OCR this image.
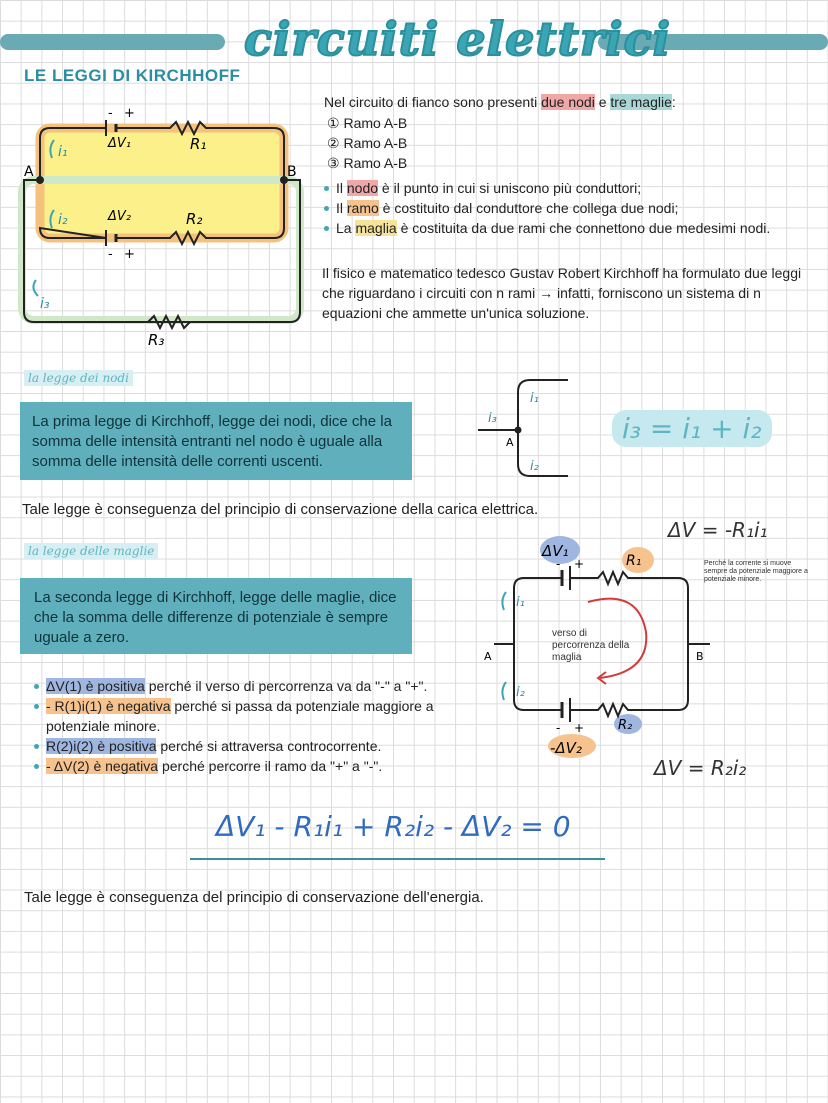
circuiti elettrici
LE LEGGI DI KIRCHHOFF
A	B
ΔV₁	R₁
ΔV₂	R₂
R₃
i₁
i₂
i₃
- +
- +
Nel circuito di fianco sono presenti due nodi e tre maglie:
① Ramo A-B
② Ramo A-B
③ Ramo A-B
Il nodo è il punto in cui si uniscono più conduttori;
Il ramo è costituito dal conduttore che collega due nodi;
La maglia è costituita da due rami che connettono due medesimi nodi.
Il fisico e matematico tedesco Gustav Robert Kirchhoff ha formulato due leggi che riguardano i circuiti con n rami → infatti, forniscono un sistema di n equazioni che ammette un'unica soluzione.
la legge dei nodi
La prima legge di Kirchhoff, legge dei nodi, dice che la somma delle intensità entranti nel nodo è uguale alla somma delle intensità delle correnti uscenti.
A
i₁
i₂
i₃	i₃ = i₁ + i₂
Tale legge è conseguenza del principio di conservazione della carica elettrica.
la legge delle maglie
La seconda legge di Kirchhoff, legge delle maglie, dice che la somma delle differenze di potenziale è sempre uguale a zero.
ΔV(1) è positiva perché il verso di percorrenza va da "-" a "+".
- R(1)i(1) è negativa perché si passa da potenziale maggiore a potenziale minore.
R(2)i(2) è positiva perché si attraversa controcorrente.
- ΔV(2) è negativa perché percorre il ramo da "+" a "-".
ΔV = -R₁i₁
Perché la corrente si muove sempre da potenziale maggiore a potenziale minore.
ΔV₁
R₁
-ΔV₂
R₂
i₁
i₂
A	B
- +
- +
verso di percorrenza della maglia
ΔV = R₂i₂
ΔV₁ - R₁i₁ + R₂i₂ - ΔV₂ = 0
Tale legge è conseguenza del principio di conservazione dell'energia.
